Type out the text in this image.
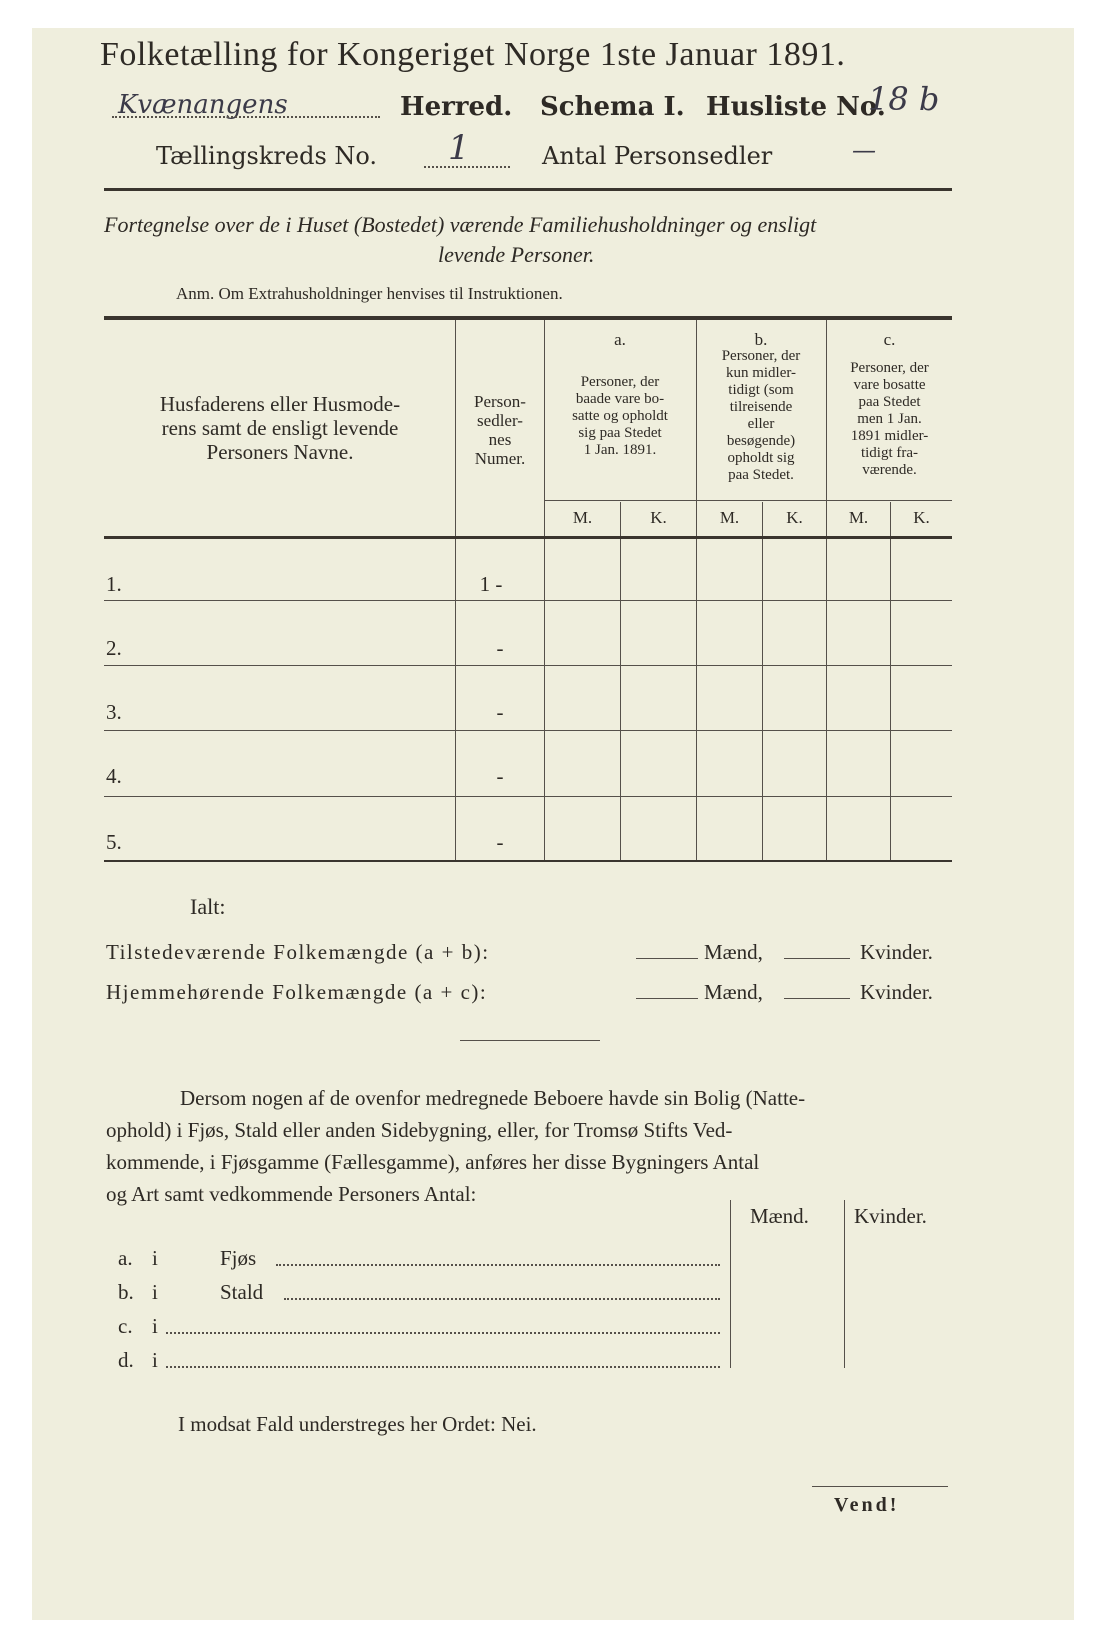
Folketælling for Kongeriget Norge 1ste Januar 1891.
Kvænangens	Herred. Schema I. Husliste No.
18 b
Tællingskreds No. 1	Antal Personsedler	—
Fortegnelse over de i Huset (Bostedet) værende Familiehusholdninger og ensligt
levende Personer.
Anm. Om Extrahusholdninger henvises til Instruktionen.
Husfaderens eller Husmode-
rens samt de ensligt levende
Personers Navne.
Person-
sedler-
nes
Numer.
a.
Personer, der
baade vare bo-
satte og opholdt
sig paa Stedet
1 Jan. 1891.
b.
Personer, der
kun midler-
tidigt (som
tilreisende
eller
besøgende)
opholdt sig
paa Stedet.
c.
Personer, der
vare bosatte
paa Stedet
men 1 Jan.
1891 midler-
tidigt fra-
værende.
M.	K.	M.	K.	M.	K.
1.	1 -
2.	-
3.	-
4.	-
5.	-
Ialt:
Tilstedeværende Folkemængde (a + b):	Mænd,	Kvinder.
Hjemmehørende Folkemængde (a + c):	Mænd,	Kvinder.
Dersom nogen af de ovenfor medregnede Beboere havde sin Bolig (Natte-
ophold) i Fjøs, Stald eller anden Sidebygning, eller, for Tromsø Stifts Ved-
kommende, i Fjøsgamme (Fællesgamme), anføres her disse Bygningers Antal
og Art samt vedkommende Personers Antal:
Mænd. Kvinder.
a. i	Fjøs
b. i	Stald
c. i
d. i
I modsat Fald understreges her Ordet: Nei.
Vend!
